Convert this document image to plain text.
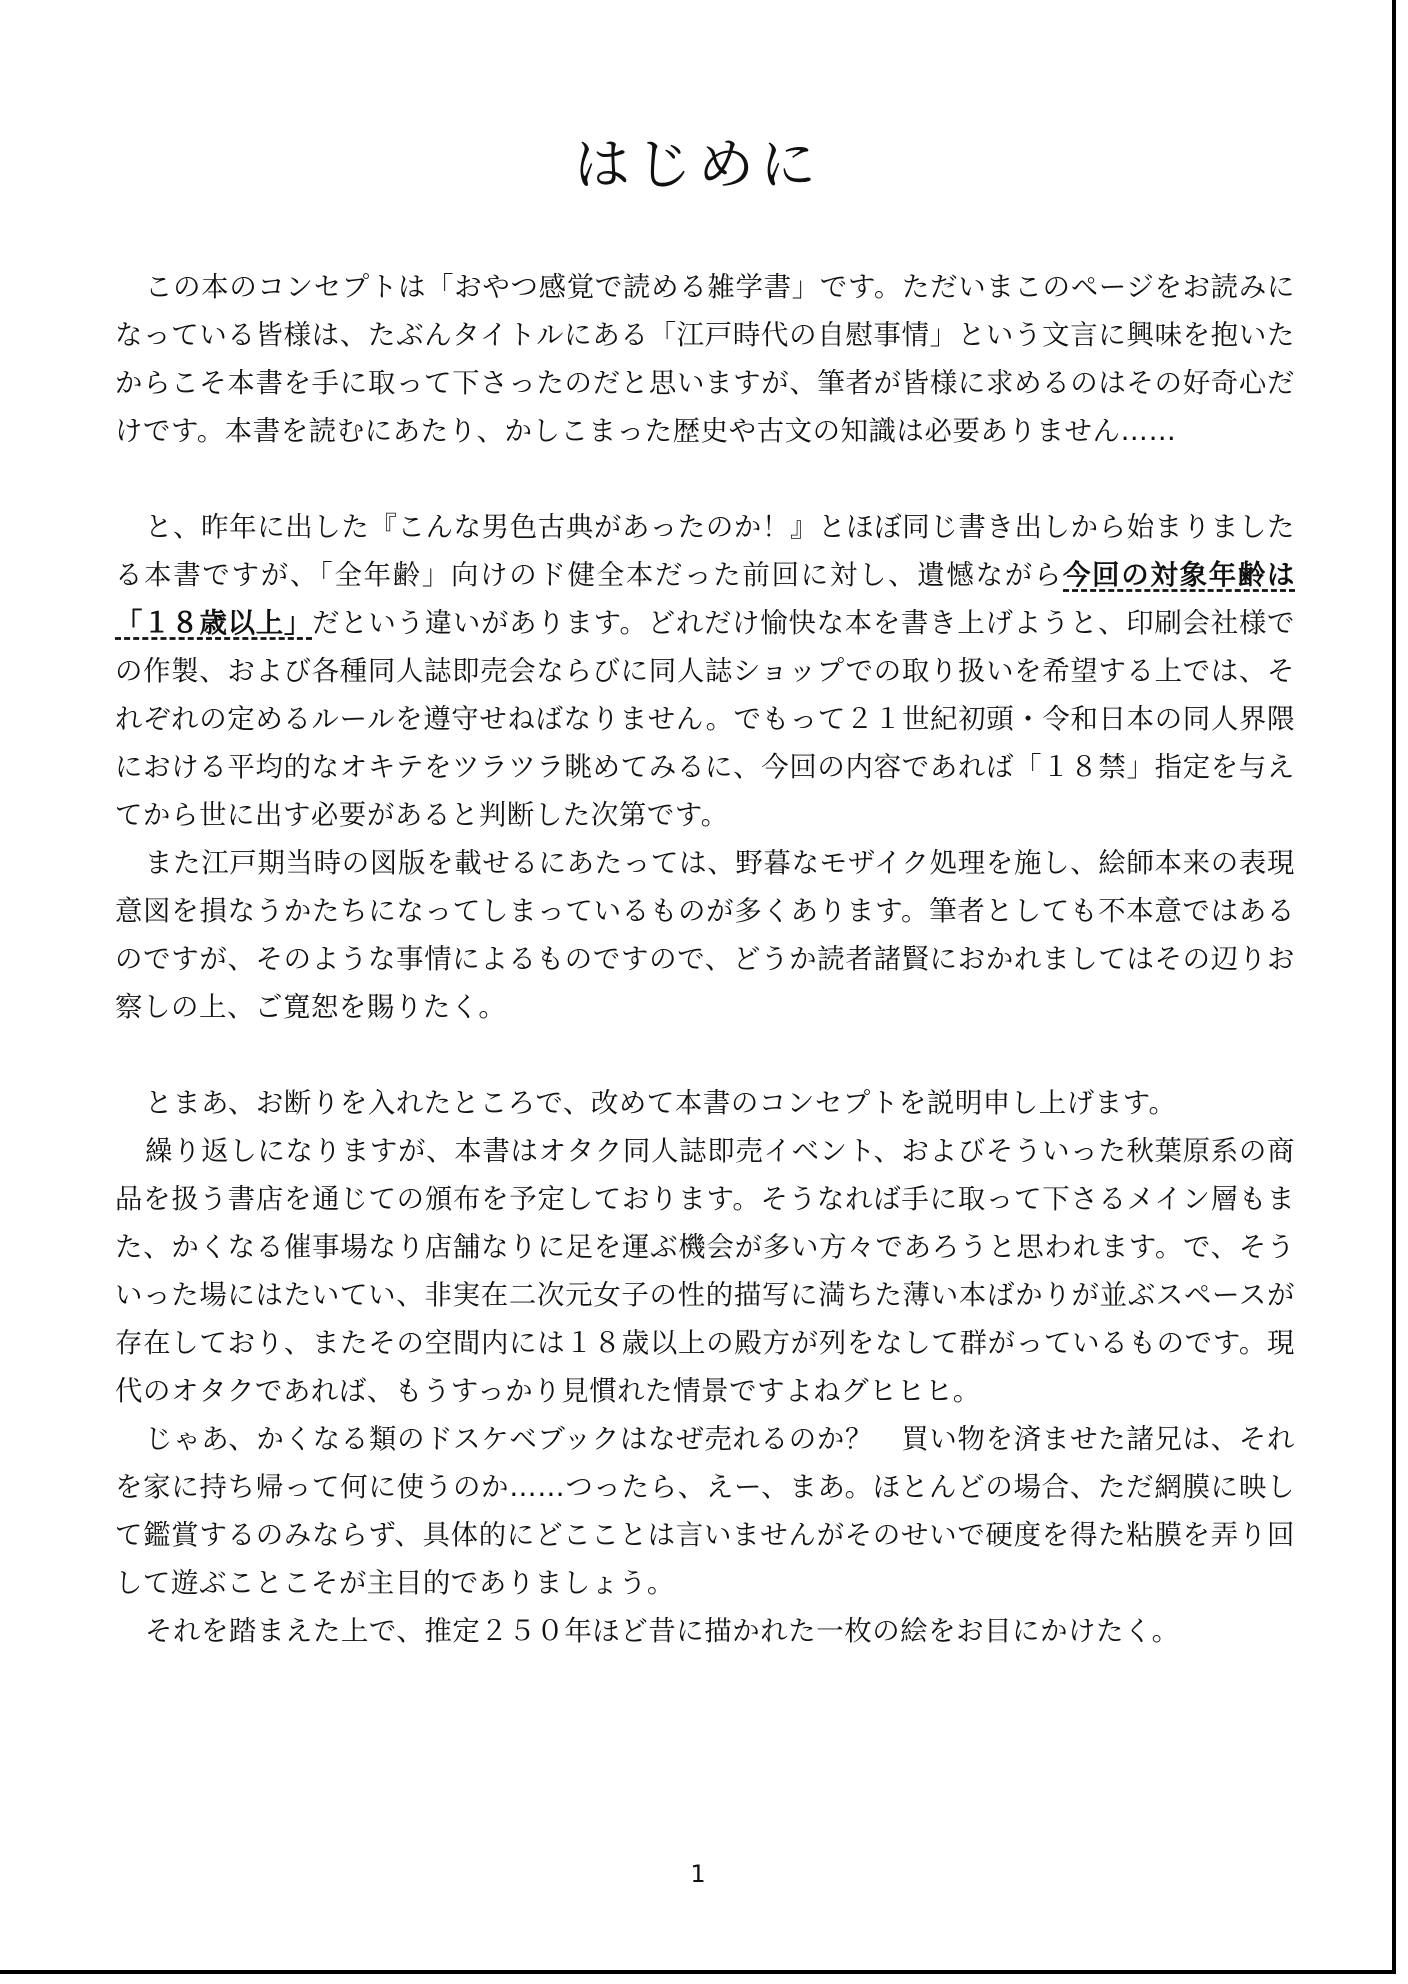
はじめに

この本のコンセプトは「おやつ感覚で読める雑学書」です。ただいまこのページをお読みになっている皆様は、たぶんタイトルにある「江戸時代の自慰事情」という文言に興味を抱いたからこそ本書を手に取って下さったのだと思いますが、筆者が皆様に求めるのはその好奇心だけです。本書を読むにあたり、かしこまった歴史や古文の知識は必要ありません……

と、昨年に出した『こんな男色古典があったのか！』とほぼ同じ書き出しから始まりましたる本書ですが、「全年齢」向けのド健全本だった前回に対し、遺憾ながら今回の対象年齢は「１８歳以上」だという違いがあります。どれだけ愉快な本を書き上げようと、印刷会社様での作製、および各種同人誌即売会ならびに同人誌ショップでの取り扱いを希望する上では、それぞれの定めるルールを遵守せねばなりません。でもって２１世紀初頭・令和日本の同人界隈における平均的なオキテをツラツラ眺めてみるに、今回の内容であれば「１８禁」指定を与えてから世に出す必要があると判断した次第です。

また江戸期当時の図版を載せるにあたっては、野暮なモザイク処理を施し、絵師本来の表現意図を損なうかたちになってしまっているものが多くあります。筆者としても不本意ではあるのですが、そのような事情によるものですので、どうか読者諸賢におかれましてはその辺りお察しの上、ご寛恕を賜りたく。

とまあ、お断りを入れたところで、改めて本書のコンセプトを説明申し上げます。

繰り返しになりますが、本書はオタク同人誌即売イベント、およびそういった秋葉原系の商品を扱う書店を通じての頒布を予定しております。そうなれば手に取って下さるメイン層もまた、かくなる催事場なり店舗なりに足を運ぶ機会が多い方々であろうと思われます。で、そういった場にはたいてい、非実在二次元女子の性的描写に満ちた薄い本ばかりが並ぶスペースが存在しており、またその空間内には１８歳以上の殿方が列をなして群がっているものです。現代のオタクであれば、もうすっかり見慣れた情景ですよねグヒヒヒ。

じゃあ、かくなる類のドスケベブックはなぜ売れるのか？　買い物を済ませた諸兄は、それを家に持ち帰って何に使うのか……つったら、えー、まあ。ほとんどの場合、ただ網膜に映して鑑賞するのみならず、具体的にどこことは言いませんがそのせいで硬度を得た粘膜を弄り回して遊ぶことこそが主目的でありましょう。

それを踏まえた上で、推定２５０年ほど昔に描かれた一枚の絵をお目にかけたく。

1
